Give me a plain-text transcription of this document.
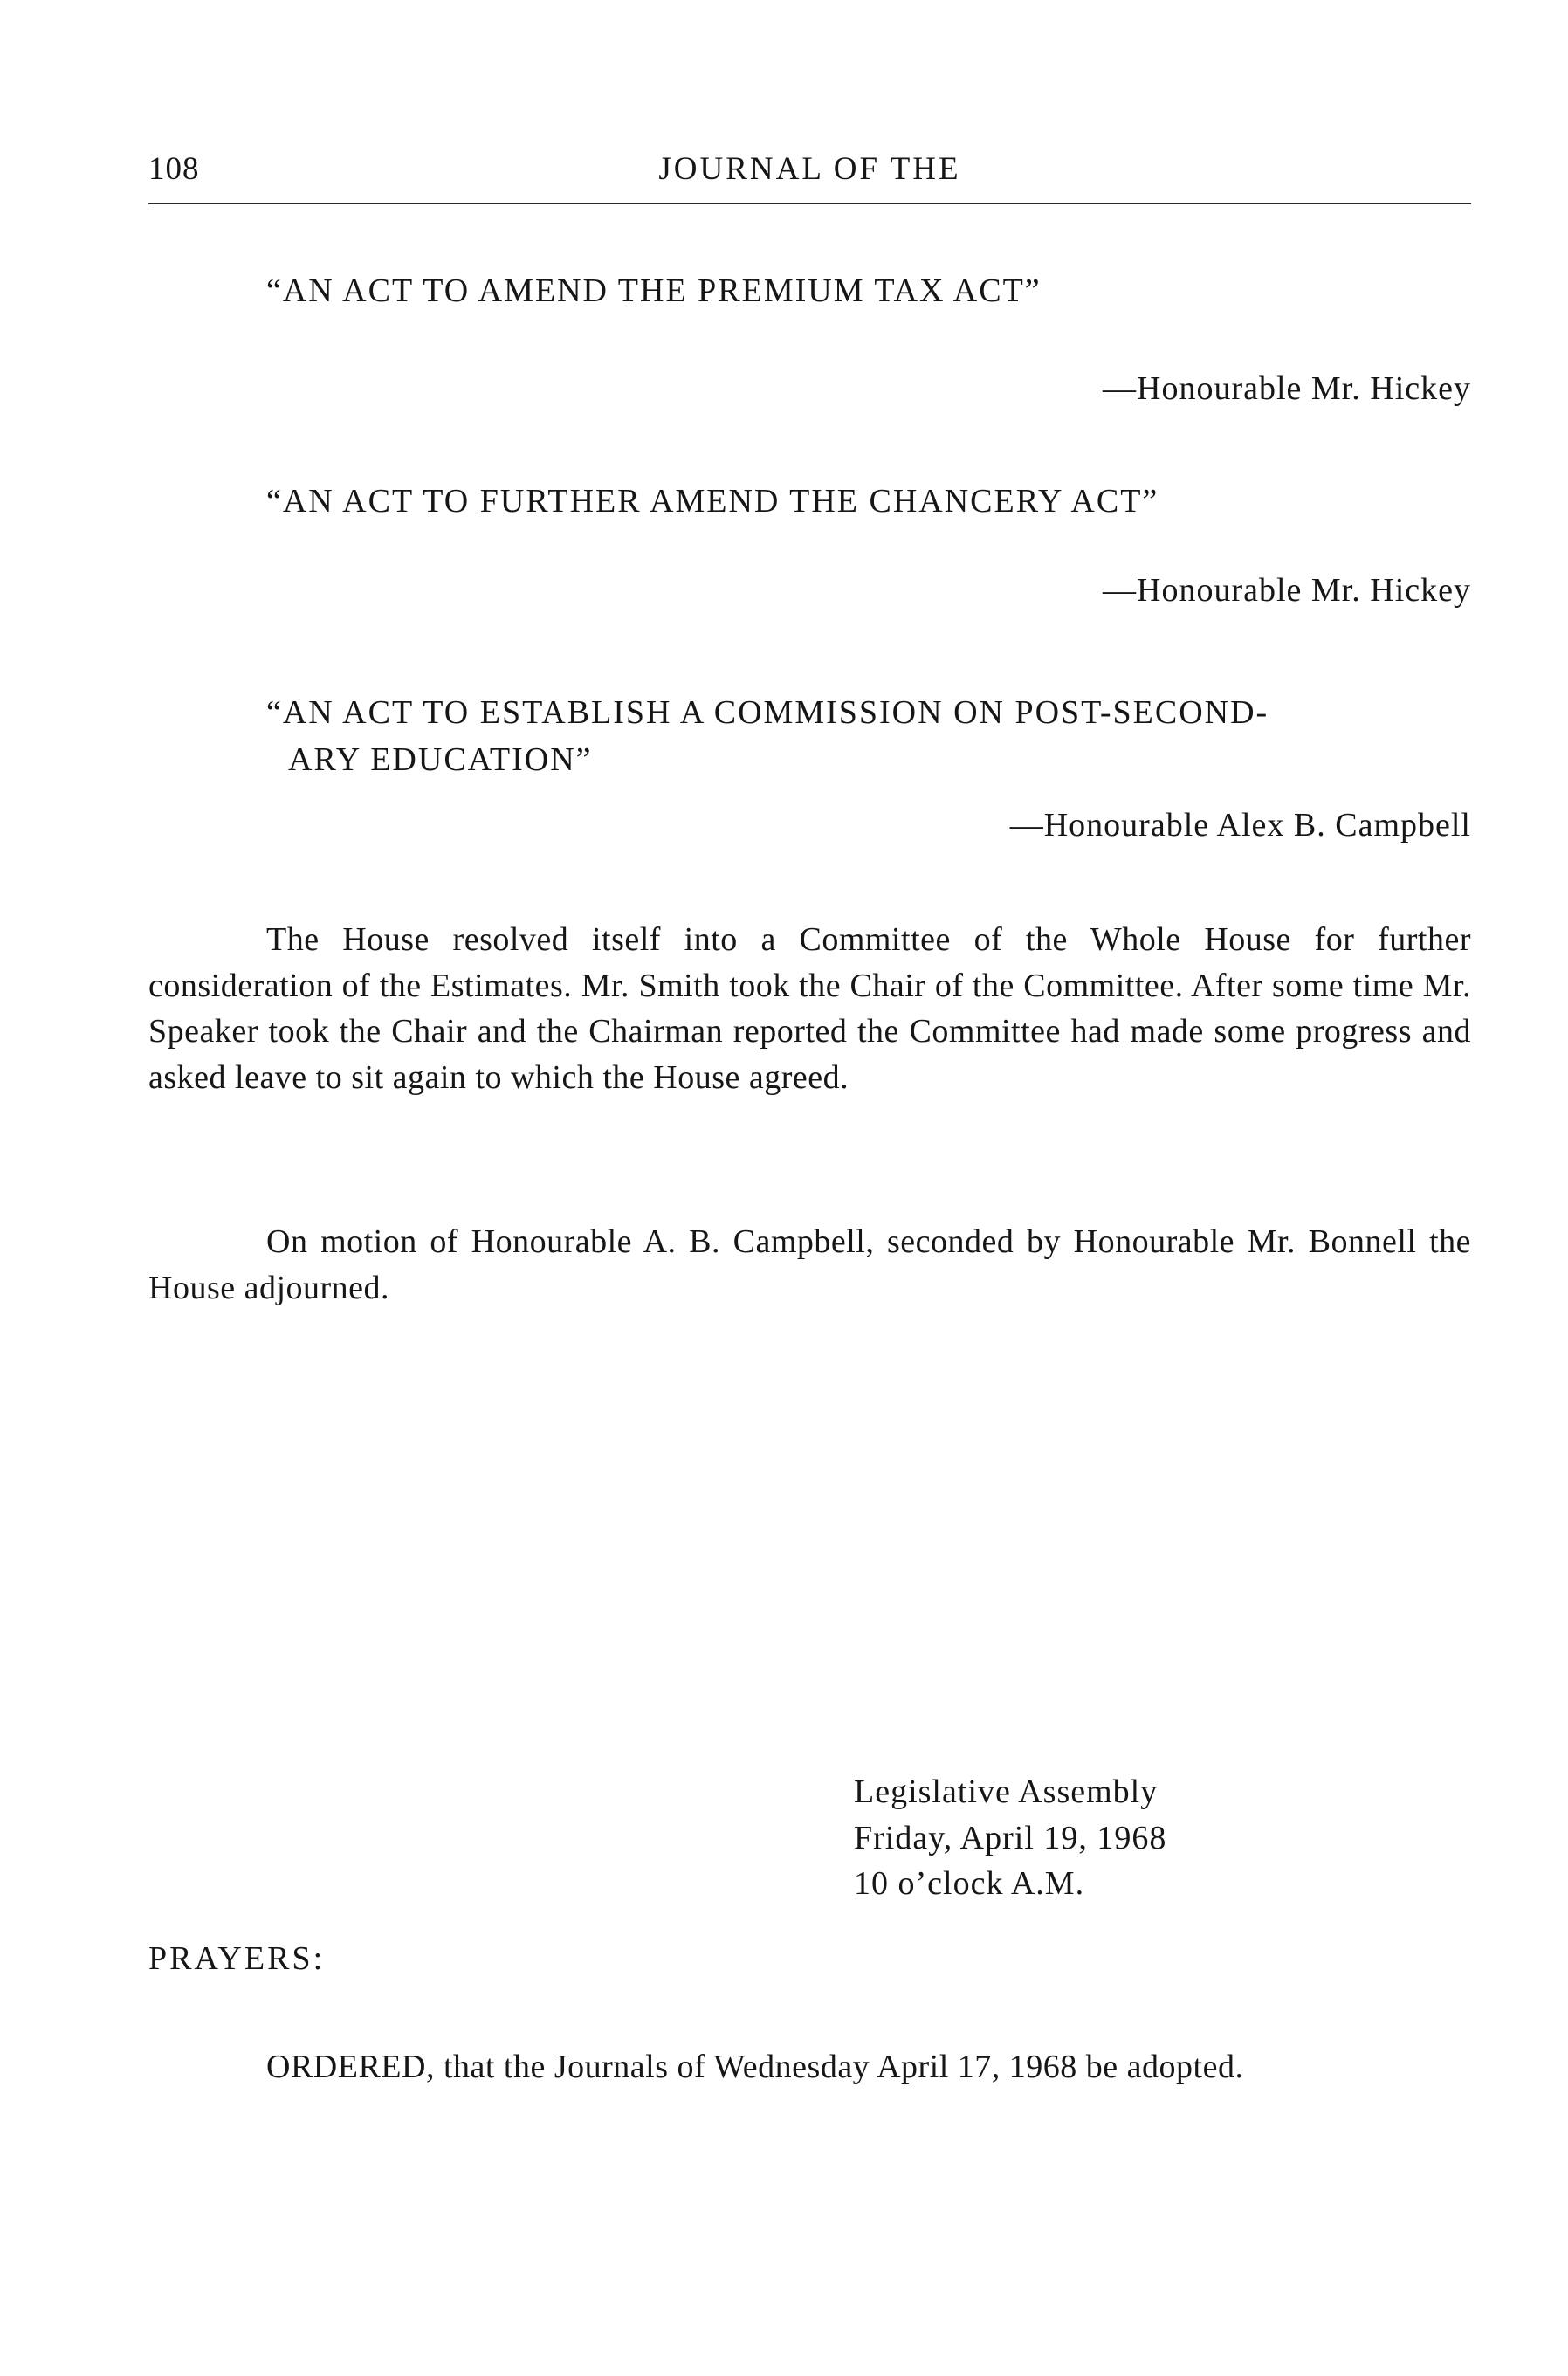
108	JOURNAL OF THE

“AN ACT TO AMEND THE PREMIUM TAX ACT”

—Honourable Mr. Hickey

“AN ACT TO FURTHER AMEND THE CHANCERY ACT”

—Honourable Mr. Hickey
“AN ACT TO ESTABLISH A COMMISSION ON POST-SECOND-
ARY EDUCATION”
—Honourable Alex B. Campbell

The House resolved itself into a Committee of the Whole House for further consideration of the Estimates. Mr. Smith took the Chair of the Committee. After some time Mr. Speaker took the Chair and the Chairman reported the Committee had made some progress and asked leave to sit again to which the House agreed.

On motion of Honourable A. B. Campbell, seconded by Honourable Mr. Bonnell the House adjourned.

Legislative Assembly
Friday, April 19, 1968
10 o’clock A.M.
PRAYERS:

ORDERED, that the Journals of Wednesday April 17, 1968 be adopted.
